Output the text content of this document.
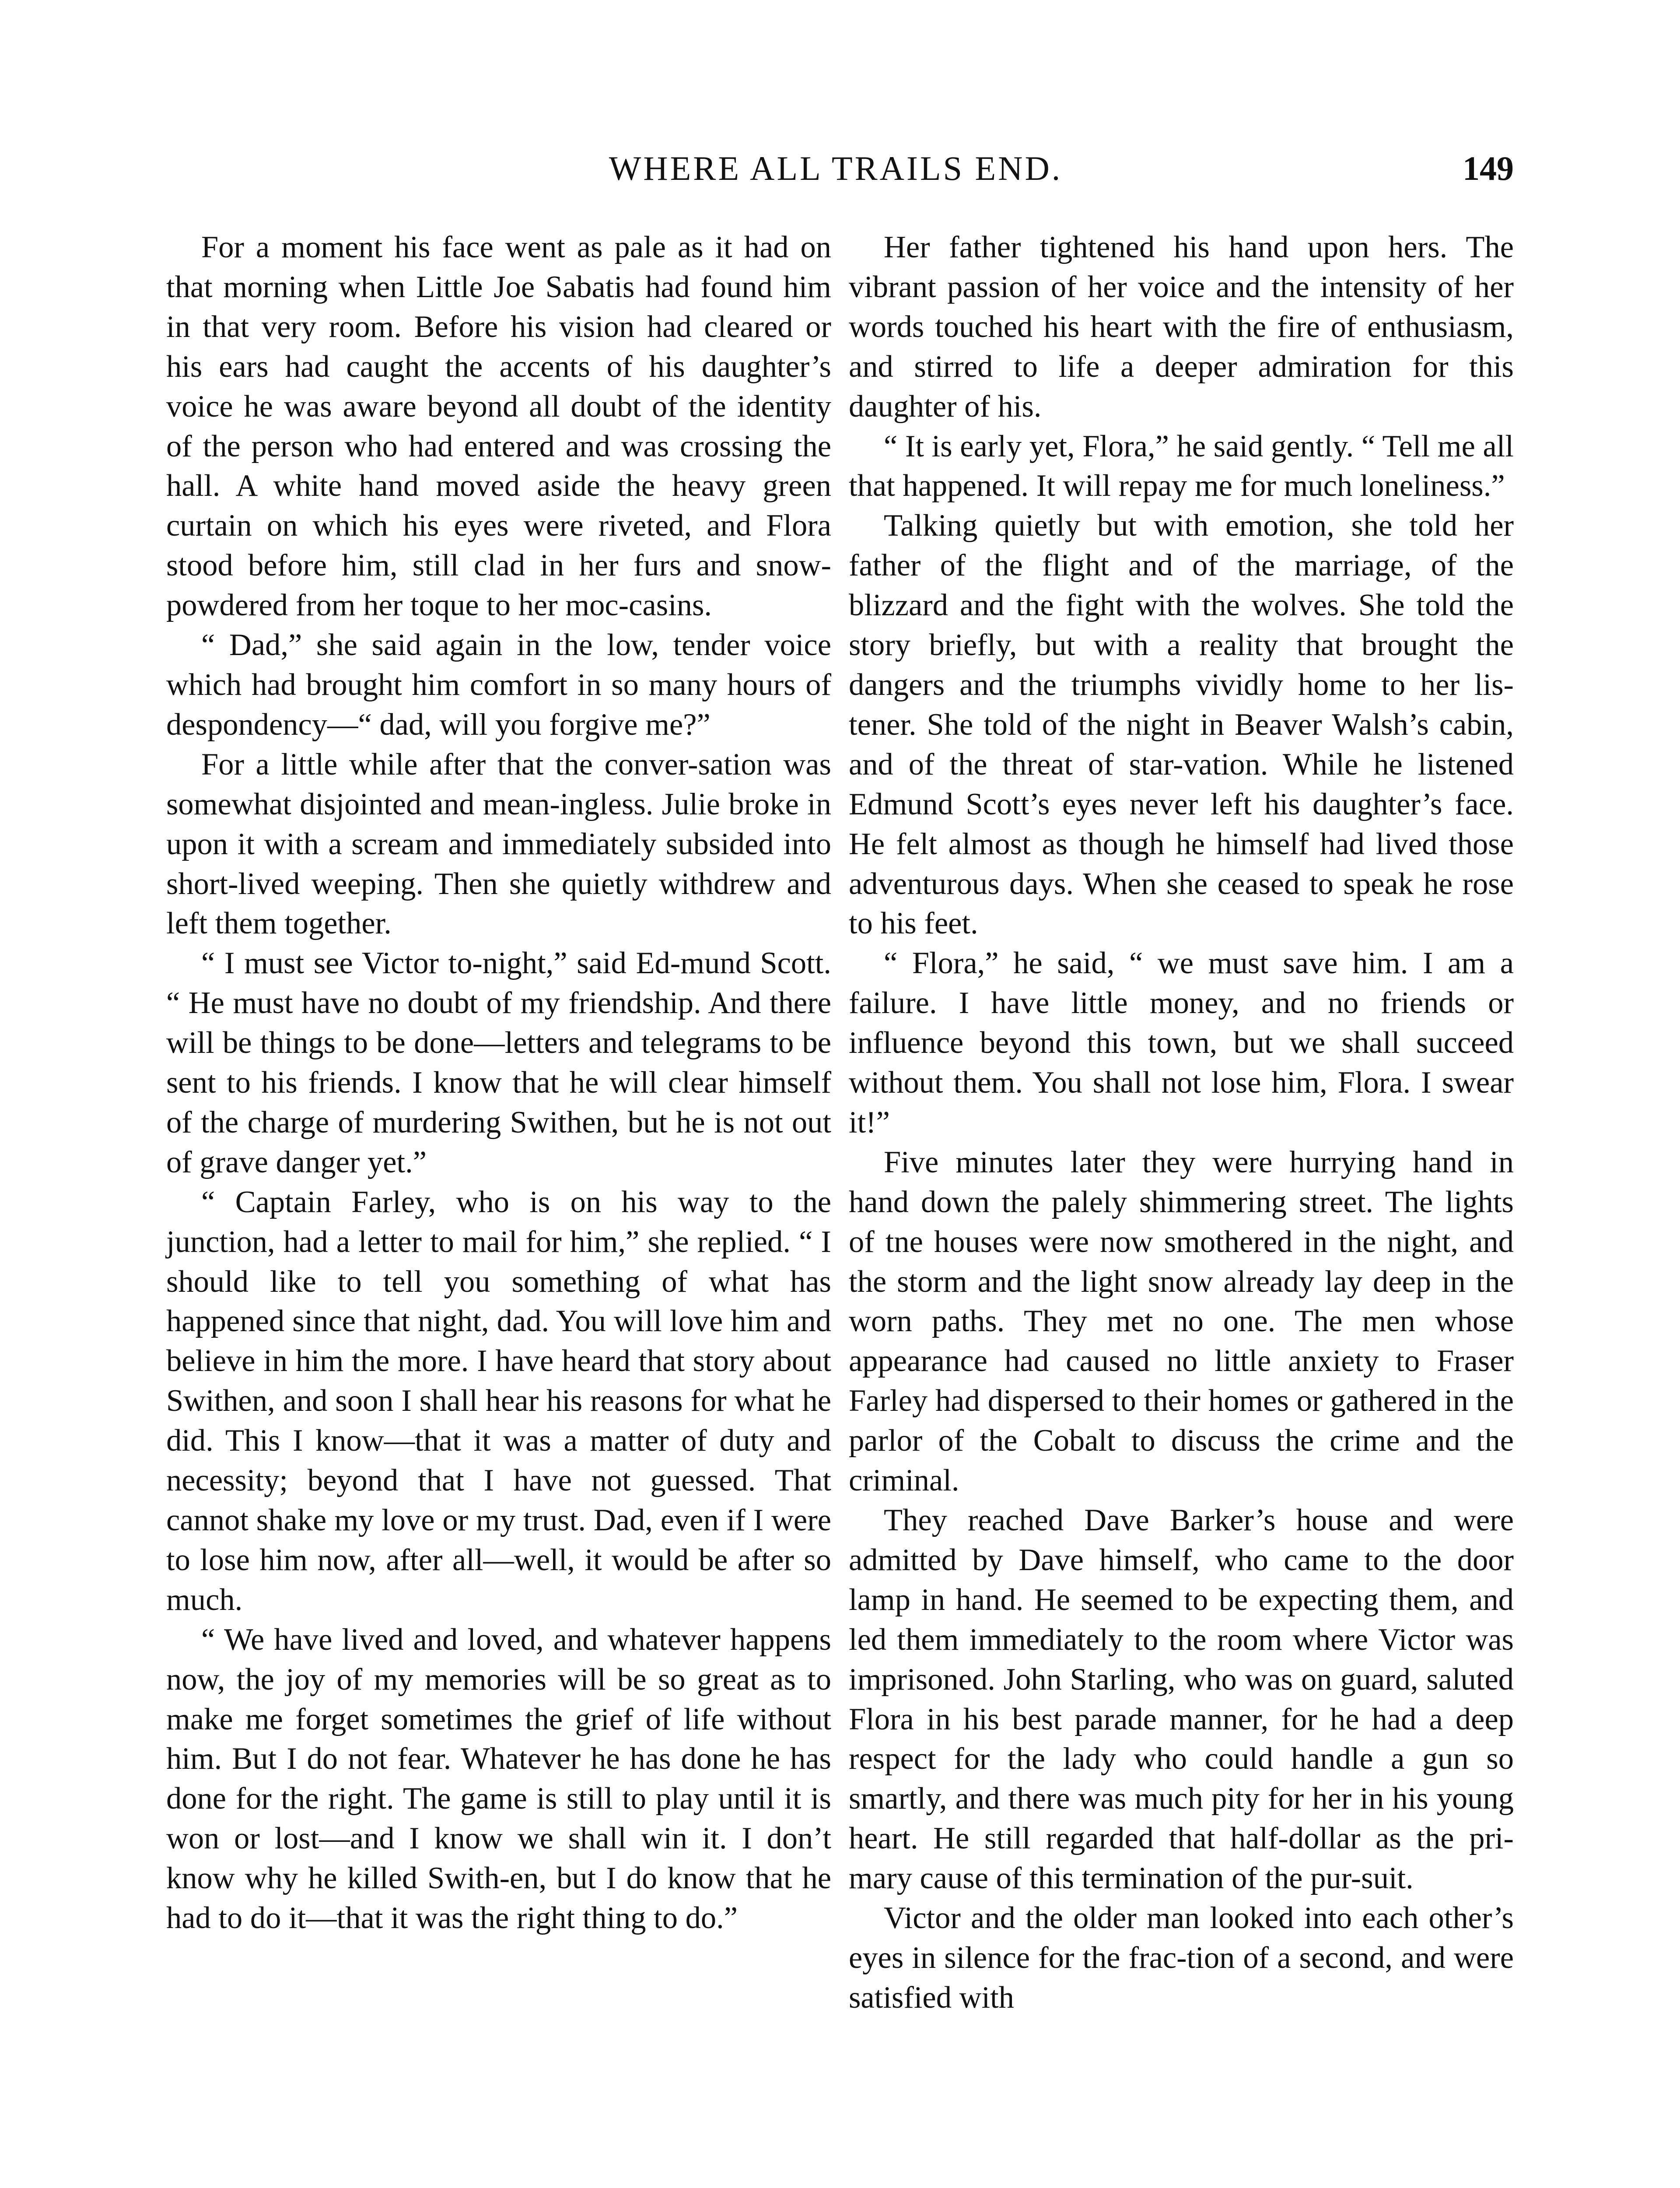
WHERE ALL TRAILS END.	149

For a moment his face went as pale as it had on that morning when Little Joe Sabatis had found him in that very room. Before his vision had cleared or his ears had caught the accents of his daughter’s voice he was aware beyond all doubt of the identity of the person who had entered and was crossing the hall. A white hand moved aside the heavy green curtain on which his eyes were riveted, and Flora stood before him, still clad in her furs and snow-powdered from her toque to her moc-casins.

“ Dad,” she said again in the low, tender voice which had brought him comfort in so many hours of despondency—“ dad, will you forgive me?”

For a little while after that the conver-sation was somewhat disjointed and mean-ingless. Julie broke in upon it with a scream and immediately subsided into short-lived weeping. Then she quietly withdrew and left them together.

“ I must see Victor to-night,” said Ed-mund Scott. “ He must have no doubt of my friendship. And there will be things to be done—letters and telegrams to be sent to his friends. I know that he will clear himself of the charge of murdering Swithen, but he is not out of grave danger yet.”

“ Captain Farley, who is on his way to the junction, had a letter to mail for him,” she replied. “ I should like to tell you something of what has happened since that night, dad. You will love him and believe in him the more. I have heard that story about Swithen, and soon I shall hear his reasons for what he did. This I know—that it was a matter of duty and necessity; beyond that I have not guessed. That cannot shake my love or my trust. Dad, even if I were to lose him now, after all—well, it would be after so much.

“ We have lived and loved, and whatever happens now, the joy of my memories will be so great as to make me forget sometimes the grief of life without him. But I do not fear. Whatever he has done he has done for the right. The game is still to play until it is won or lost—and I know we shall win it. I don’t know why he killed Swith-en, but I do know that he had to do it—that it was the right thing to do.”

Her father tightened his hand upon hers. The vibrant passion of her voice and the intensity of her words touched his heart with the fire of enthusiasm, and stirred to life a deeper admiration for this daughter of his.

“ It is early yet, Flora,” he said gently. “ Tell me all that happened. It will repay me for much loneliness.”

Talking quietly but with emotion, she told her father of the flight and of the marriage, of the blizzard and the fight with the wolves. She told the story briefly, but with a reality that brought the dangers and the triumphs vividly home to her lis-tener. She told of the night in Beaver Walsh’s cabin, and of the threat of star-vation. While he listened Edmund Scott’s eyes never left his daughter’s face. He felt almost as though he himself had lived those adventurous days. When she ceased to speak he rose to his feet.

“ Flora,” he said, “ we must save him. I am a failure. I have little money, and no friends or influence beyond this town, but we shall succeed without them. You shall not lose him, Flora. I swear it!”

Five minutes later they were hurrying hand in hand down the palely shimmering street. The lights of tne houses were now smothered in the night, and the storm and the light snow already lay deep in the worn paths. They met no one. The men whose appearance had caused no little anxiety to Fraser Farley had dispersed to their homes or gathered in the parlor of the Cobalt to discuss the crime and the criminal.

They reached Dave Barker’s house and were admitted by Dave himself, who came to the door lamp in hand. He seemed to be expecting them, and led them immediately to the room where Victor was imprisoned. John Starling, who was on guard, saluted Flora in his best parade manner, for he had a deep respect for the lady who could handle a gun so smartly, and there was much pity for her in his young heart. He still regarded that half-dollar as the pri-mary cause of this termination of the pur-suit.

Victor and the older man looked into each other’s eyes in silence for the frac-tion of a second, and were satisfied with
